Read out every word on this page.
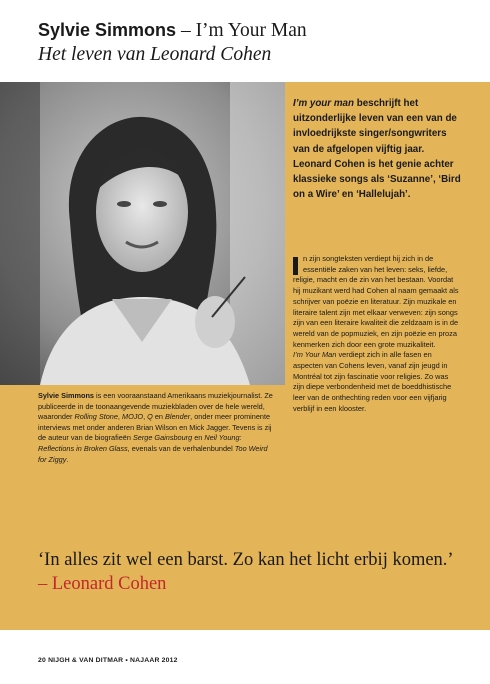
Sylvie Simmons – I’m Your Man
Het leven van Leonard Cohen
Sylvie Simmons is een vooraanstaand Amerikaans muziekjournalist. Ze publiceerde in de toonaangevende muziekbladen over de hele wereld, waaronder Rolling Stone, MOJO, Q en Blender, onder meer prominente interviews met onder anderen Brian Wilson en Mick Jagger. Tevens is zij de auteur van de biografieën Serge Gainsbourg en Neil Young: Reflections in Broken Glass, evenals van de verhalenbundel Too Weird for Ziggy.
I’m your man beschrijft het uitzonderlijke leven van een van de invloedrijkste singer/songwriters van de afgelopen vijftig jaar. Leonard Cohen is het genie achter klassieke songs als ‘Suzanne’, ‘Bird on a Wire’ en ‘Hallelujah’.

n zijn songteksten verdiept hij zich in de essentiële zaken van het leven: seks, liefde, religie, macht en de zin van het bestaan. Voordat hij muzikant werd had Cohen al naam gemaakt als schrijver van poëzie en literatuur. Zijn muzikale en literaire talent zijn met elkaar verweven: zijn songs zijn van een literaire kwaliteit die zeldzaam is in de wereld van de popmuziek, en zijn poëzie en proza kenmerken zich door een grote muzikaliteit.

I’m Your Man verdiept zich in alle fasen en aspecten van Cohens leven, vanaf zijn jeugd in Montréal tot zijn fascinatie voor religies. Zo was zijn diepe verbondenheid met de boeddhistische leer van de onthechting reden voor een vijfjarig verblijf in een klooster.

‘In alles zit wel een barst. Zo kan het licht erbij komen.’ – Leonard Cohen
20 NIJGH & VAN DITMAR • NAJAAR 2012
